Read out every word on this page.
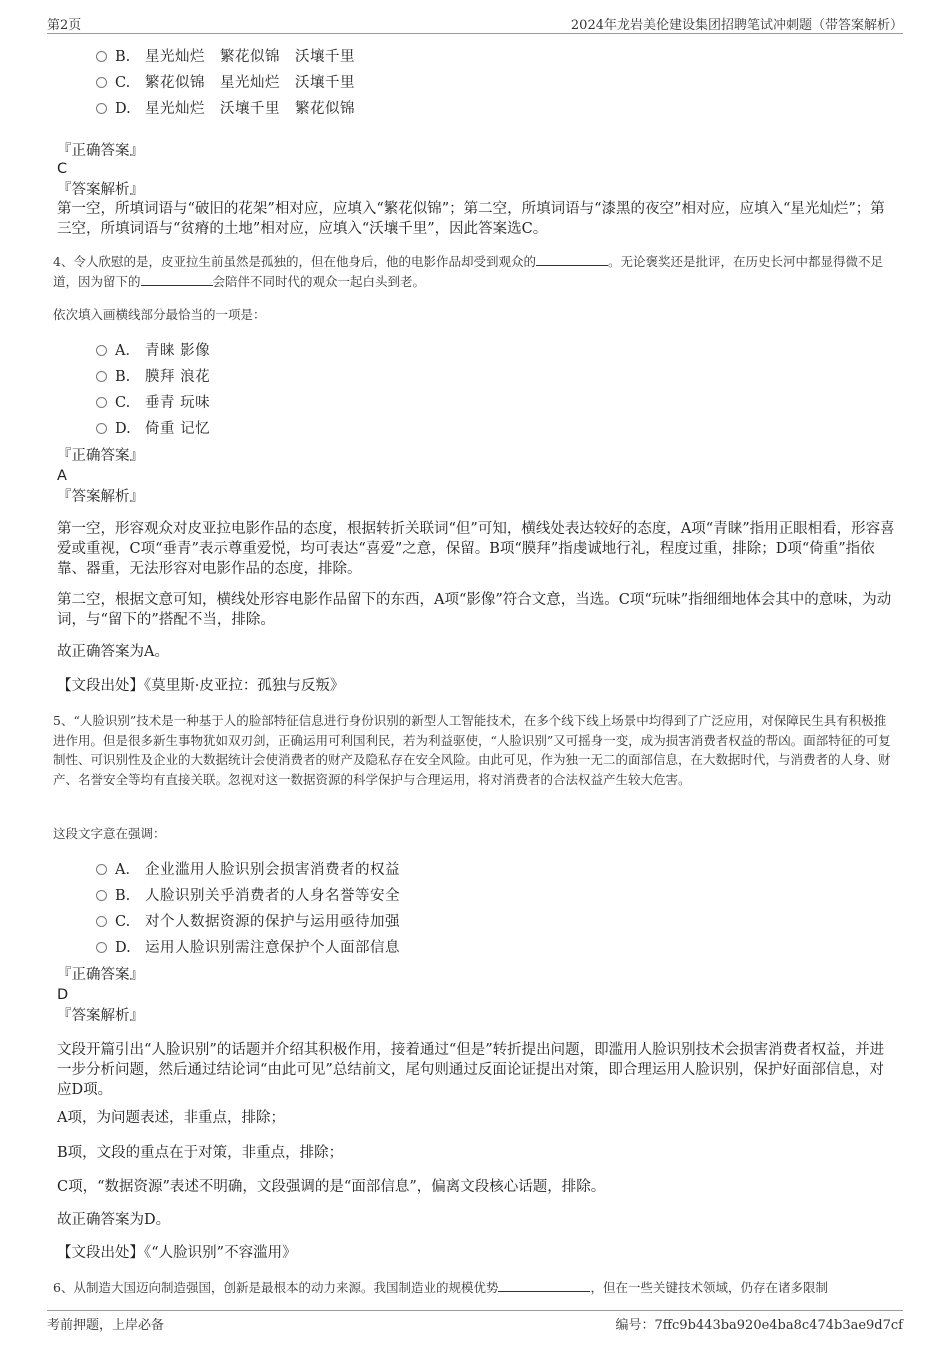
第2页	2024年龙岩美伦建设集团招聘笔试冲刺题（带答案解析）
B. 星光灿烂　繁花似锦　沃壤千里
C. 繁花似锦　星光灿烂　沃壤千里
D. 星光灿烂　沃壤千里　繁花似锦
『正确答案』
C
『答案解析』
第一空，所填词语与“破旧的花架”相对应，应填入“繁花似锦”；第二空，所填词语与“漆黑的夜空”相对应，应填入“星光灿烂”；第三空，所填词语与“贫瘠的土地”相对应，应填入“沃壤千里”，因此答案选C。
4、令人欣慰的是，皮亚拉生前虽然是孤独的，但在他身后，他的电影作品却受到观众的	。无论褒奖还是批评，在历史长河中都显得微不足道，因为留下的	会陪伴不同时代的观众一起白头到老。
依次填入画横线部分最恰当的一项是：
A． 青睐 影像
B. 膜拜 浪花
C. 垂青 玩味
D. 倚重 记忆
『正确答案』
A
『答案解析』
第一空，形容观众对皮亚拉电影作品的态度，根据转折关联词“但”可知，横线处表达较好的态度，A项“青睐”指用正眼相看，形容喜爱或重视，C项“垂青”表示尊重爱悦，均可表达“喜爱”之意，保留。B项“膜拜”指虔诚地行礼，程度过重，排除；D项“倚重”指依靠、器重，无法形容对电影作品的态度，排除。
第二空，根据文意可知，横线处形容电影作品留下的东西，A项“影像”符合文意，当选。C项“玩味”指细细地体会其中的意味，为动词，与“留下的”搭配不当，排除。
故正确答案为A。
【文段出处】《莫里斯·皮亚拉：孤独与反叛》
5、“人脸识别”技术是一种基于人的脸部特征信息进行身份识别的新型人工智能技术，在多个线下线上场景中均得到了广泛应用，对保障民生具有积极推进作用。但是很多新生事物犹如双刃剑，正确运用可利国利民，若为利益驱使，“人脸识别”又可摇身一变，成为损害消费者权益的帮凶。面部特征的可复制性、可识别性及企业的大数据统计会使消费者的财产及隐私存在安全风险。由此可见，作为独一无二的面部信息，在大数据时代，与消费者的人身、财产、名誉安全等均有直接关联。忽视对这一数据资源的科学保护与合理运用，将对消费者的合法权益产生较大危害。
这段文字意在强调：
A． 企业滥用人脸识别会损害消费者的权益
B. 人脸识别关乎消费者的人身名誉等安全
C. 对个人数据资源的保护与运用亟待加强
D. 运用人脸识别需注意保护个人面部信息
『正确答案』
D
『答案解析』
文段开篇引出“人脸识别”的话题并介绍其积极作用，接着通过“但是”转折提出问题，即滥用人脸识别技术会损害消费者权益，并进一步分析问题，然后通过结论词“由此可见”总结前文，尾句则通过反面论证提出对策，即合理运用人脸识别，保护好面部信息，对应D项。
A项，为问题表述，非重点，排除；
B项，文段的重点在于对策，非重点，排除；
C项，“数据资源”表述不明确，文段强调的是“面部信息”，偏离文段核心话题，排除。
故正确答案为D。
【文段出处】《“人脸识别”不容滥用》
6、从制造大国迈向制造强国，创新是最根本的动力来源。我国制造业的规模优势	，但在一些关键技术领域，仍存在诸多限制
考前押题，上岸必备	编号：7ffc9b443ba920e4ba8c474b3ae9d7cf
